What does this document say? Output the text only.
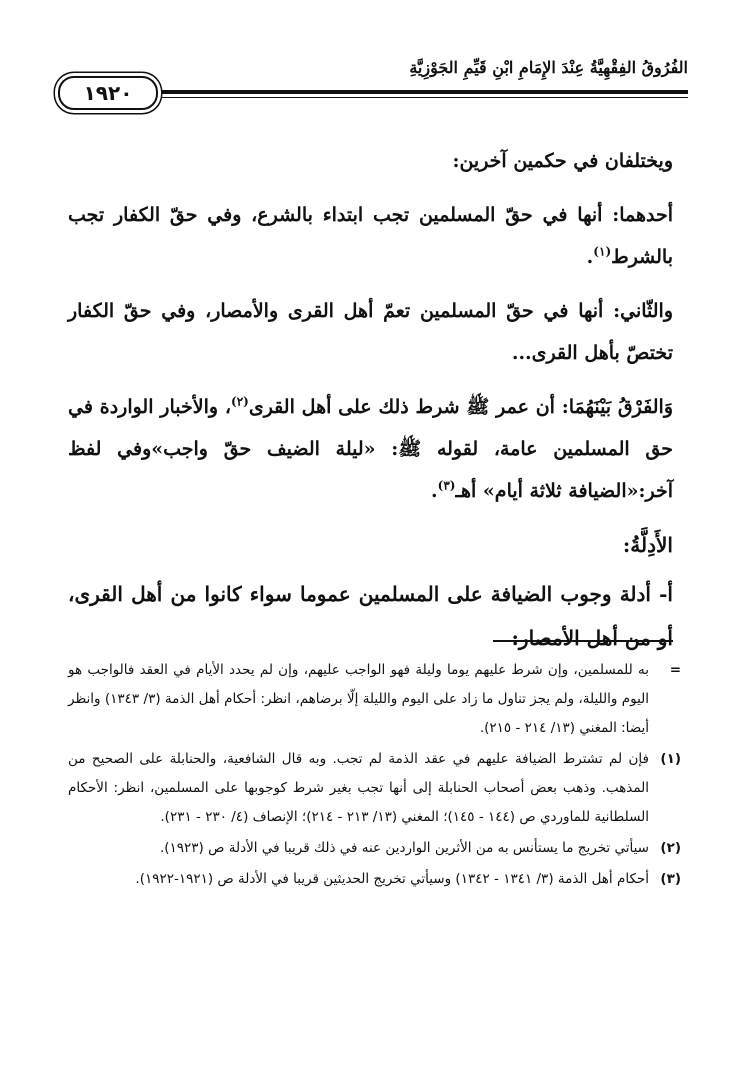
الفُرُوقُ الفِقْهِيَّةُ عِنْدَ الإِمَامِ ابْنِ قَيِّمِ الجَوْزِيَّةِ
١٩٢٠

ويختلفان في حكمين آخرين:

أحدهما: أنها في حقّ المسلمين تجب ابتداء بالشرع، وفي حقّ الكفار تجب بالشرط$^{(١)}$.

والثّاني: أنها في حقّ المسلمين تعمّ أهل القرى والأمصار، وفي حقّ الكفار تختصّ بأهل القرى...

وَالفَرْقُ بَيْنَهُمَا: أن عمر ﷺ شرط ذلك على أهل القرى$^{(٢)}$، والأخبار الواردة في حق المسلمين عامة، لقوله ﷺ: «ليلة الضيف حقّ واجب»وفي لفظ آخر:«الضيافة ثلاثة أيام» أهـ$^{(٣)}$.

الأَدِلَّةُ:

أ- أدلة وجوب الضيافة على المسلمين عموما سواء كانوا من أهل القرى، أو من أهل الأمصار:

=
به للمسلمين، وإن شرط عليهم يوما وليلة فهو الواجب عليهم، وإن لم يحدد الأيام في العقد فالواجب هو اليوم والليلة، ولم يجز تناول ما زاد على اليوم والليلة إلّا برضاهم، انظر: أحكام أهل الذمة (٣/ ١٣٤٣) وانظر أيضا: المغني (١٣/ ٢١٤ - ٢١٥).
(١)
فإن لم تشترط الضيافة عليهم في عقد الذمة لم تجب. وبه قال الشافعية، والحنابلة على الصحيح من المذهب. وذهب بعض أصحاب الحنابلة إلى أنها تجب بغير شرط كوجوبها على المسلمين، انظر: الأحكام السلطانية للماوردي ص (١٤٤ - ١٤٥)؛ المغني (١٣/ ٢١٣ - ٢١٤)؛ الإنصاف (٤/ ٢٣٠ - ٢٣١).
(٢)
سيأتي تخريج ما يستأنس به من الأثرين الواردين عنه في ذلك قريبا في الأدلة ص (١٩٢٣).
(٣)
أحكام أهل الذمة (٣/ ١٣٤١ - ١٣٤٢) وسيأتي تخريج الحديثين قريبا في الأدلة ص (١٩٢١-١٩٢٢).
